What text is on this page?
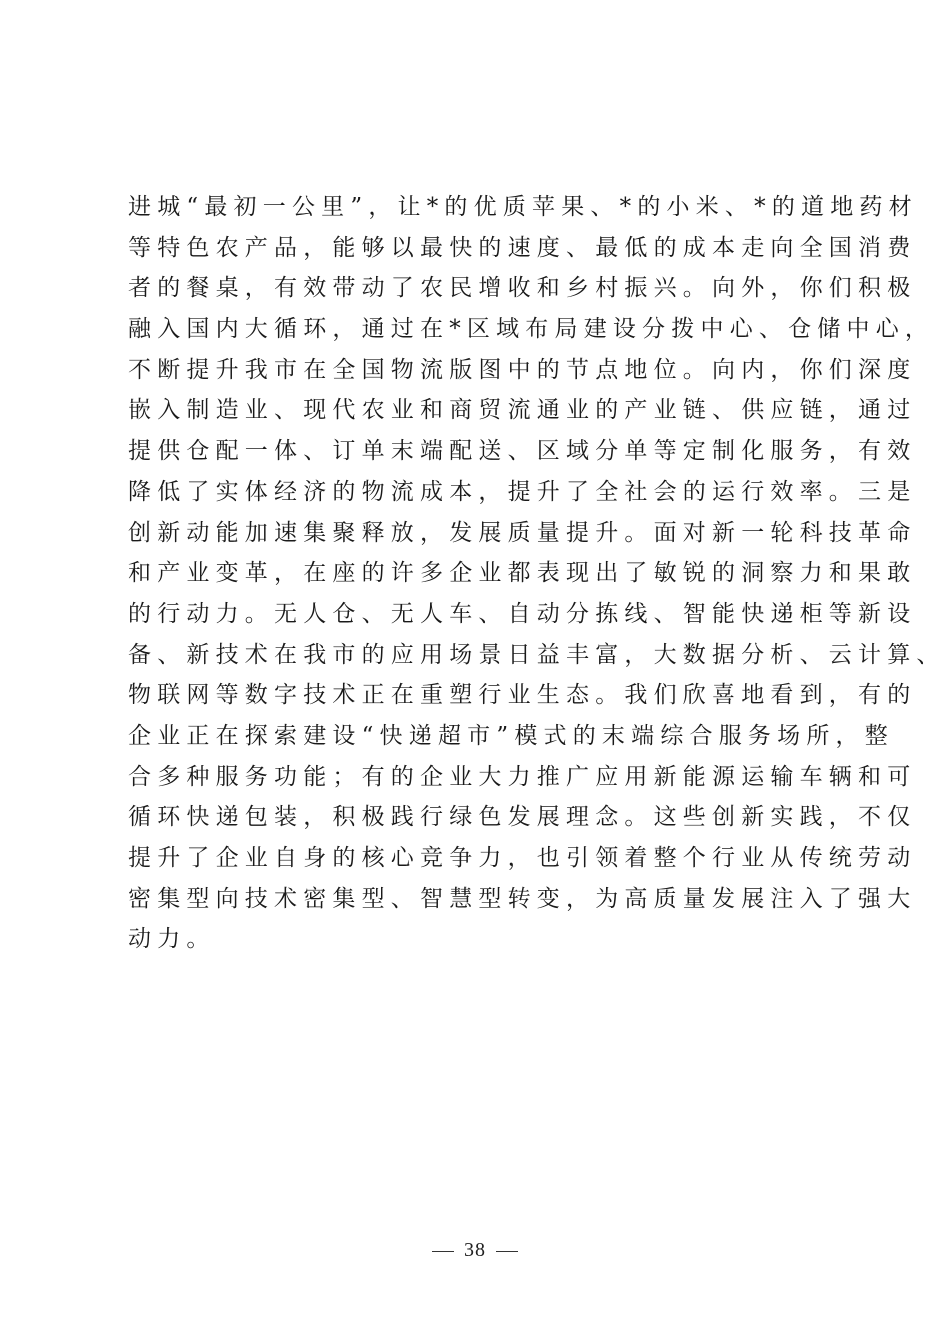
进城“最初一公里”，让*的优质苹果、*的小米、*的道地药材
等特色农产品，能够以最快的速度、最低的成本走向全国消费
者的餐桌，有效带动了农民增收和乡村振兴。向外，你们积极
融入国内大循环，通过在*区域布局建设分拨中心、仓储中心，
不断提升我市在全国物流版图中的节点地位。向内，你们深度
嵌入制造业、现代农业和商贸流通业的产业链、供应链，通过
提供仓配一体、订单末端配送、区域分单等定制化服务，有效
降低了实体经济的物流成本，提升了全社会的运行效率。三是
创新动能加速集聚释放，发展质量提升。面对新一轮科技革命
和产业变革，在座的许多企业都表现出了敏锐的洞察力和果敢
的行动力。无人仓、无人车、自动分拣线、智能快递柜等新设
备、新技术在我市的应用场景日益丰富，大数据分析、云计算、
物联网等数字技术正在重塑行业生态。我们欣喜地看到，有的
企业正在探索建设“快递超市”模式的末端综合服务场所，整
合多种服务功能；有的企业大力推广应用新能源运输车辆和可
循环快递包装，积极践行绿色发展理念。这些创新实践，不仅
提升了企业自身的核心竞争力，也引领着整个行业从传统劳动
密集型向技术密集型、智慧型转变，为高质量发展注入了强大
动力。
38
